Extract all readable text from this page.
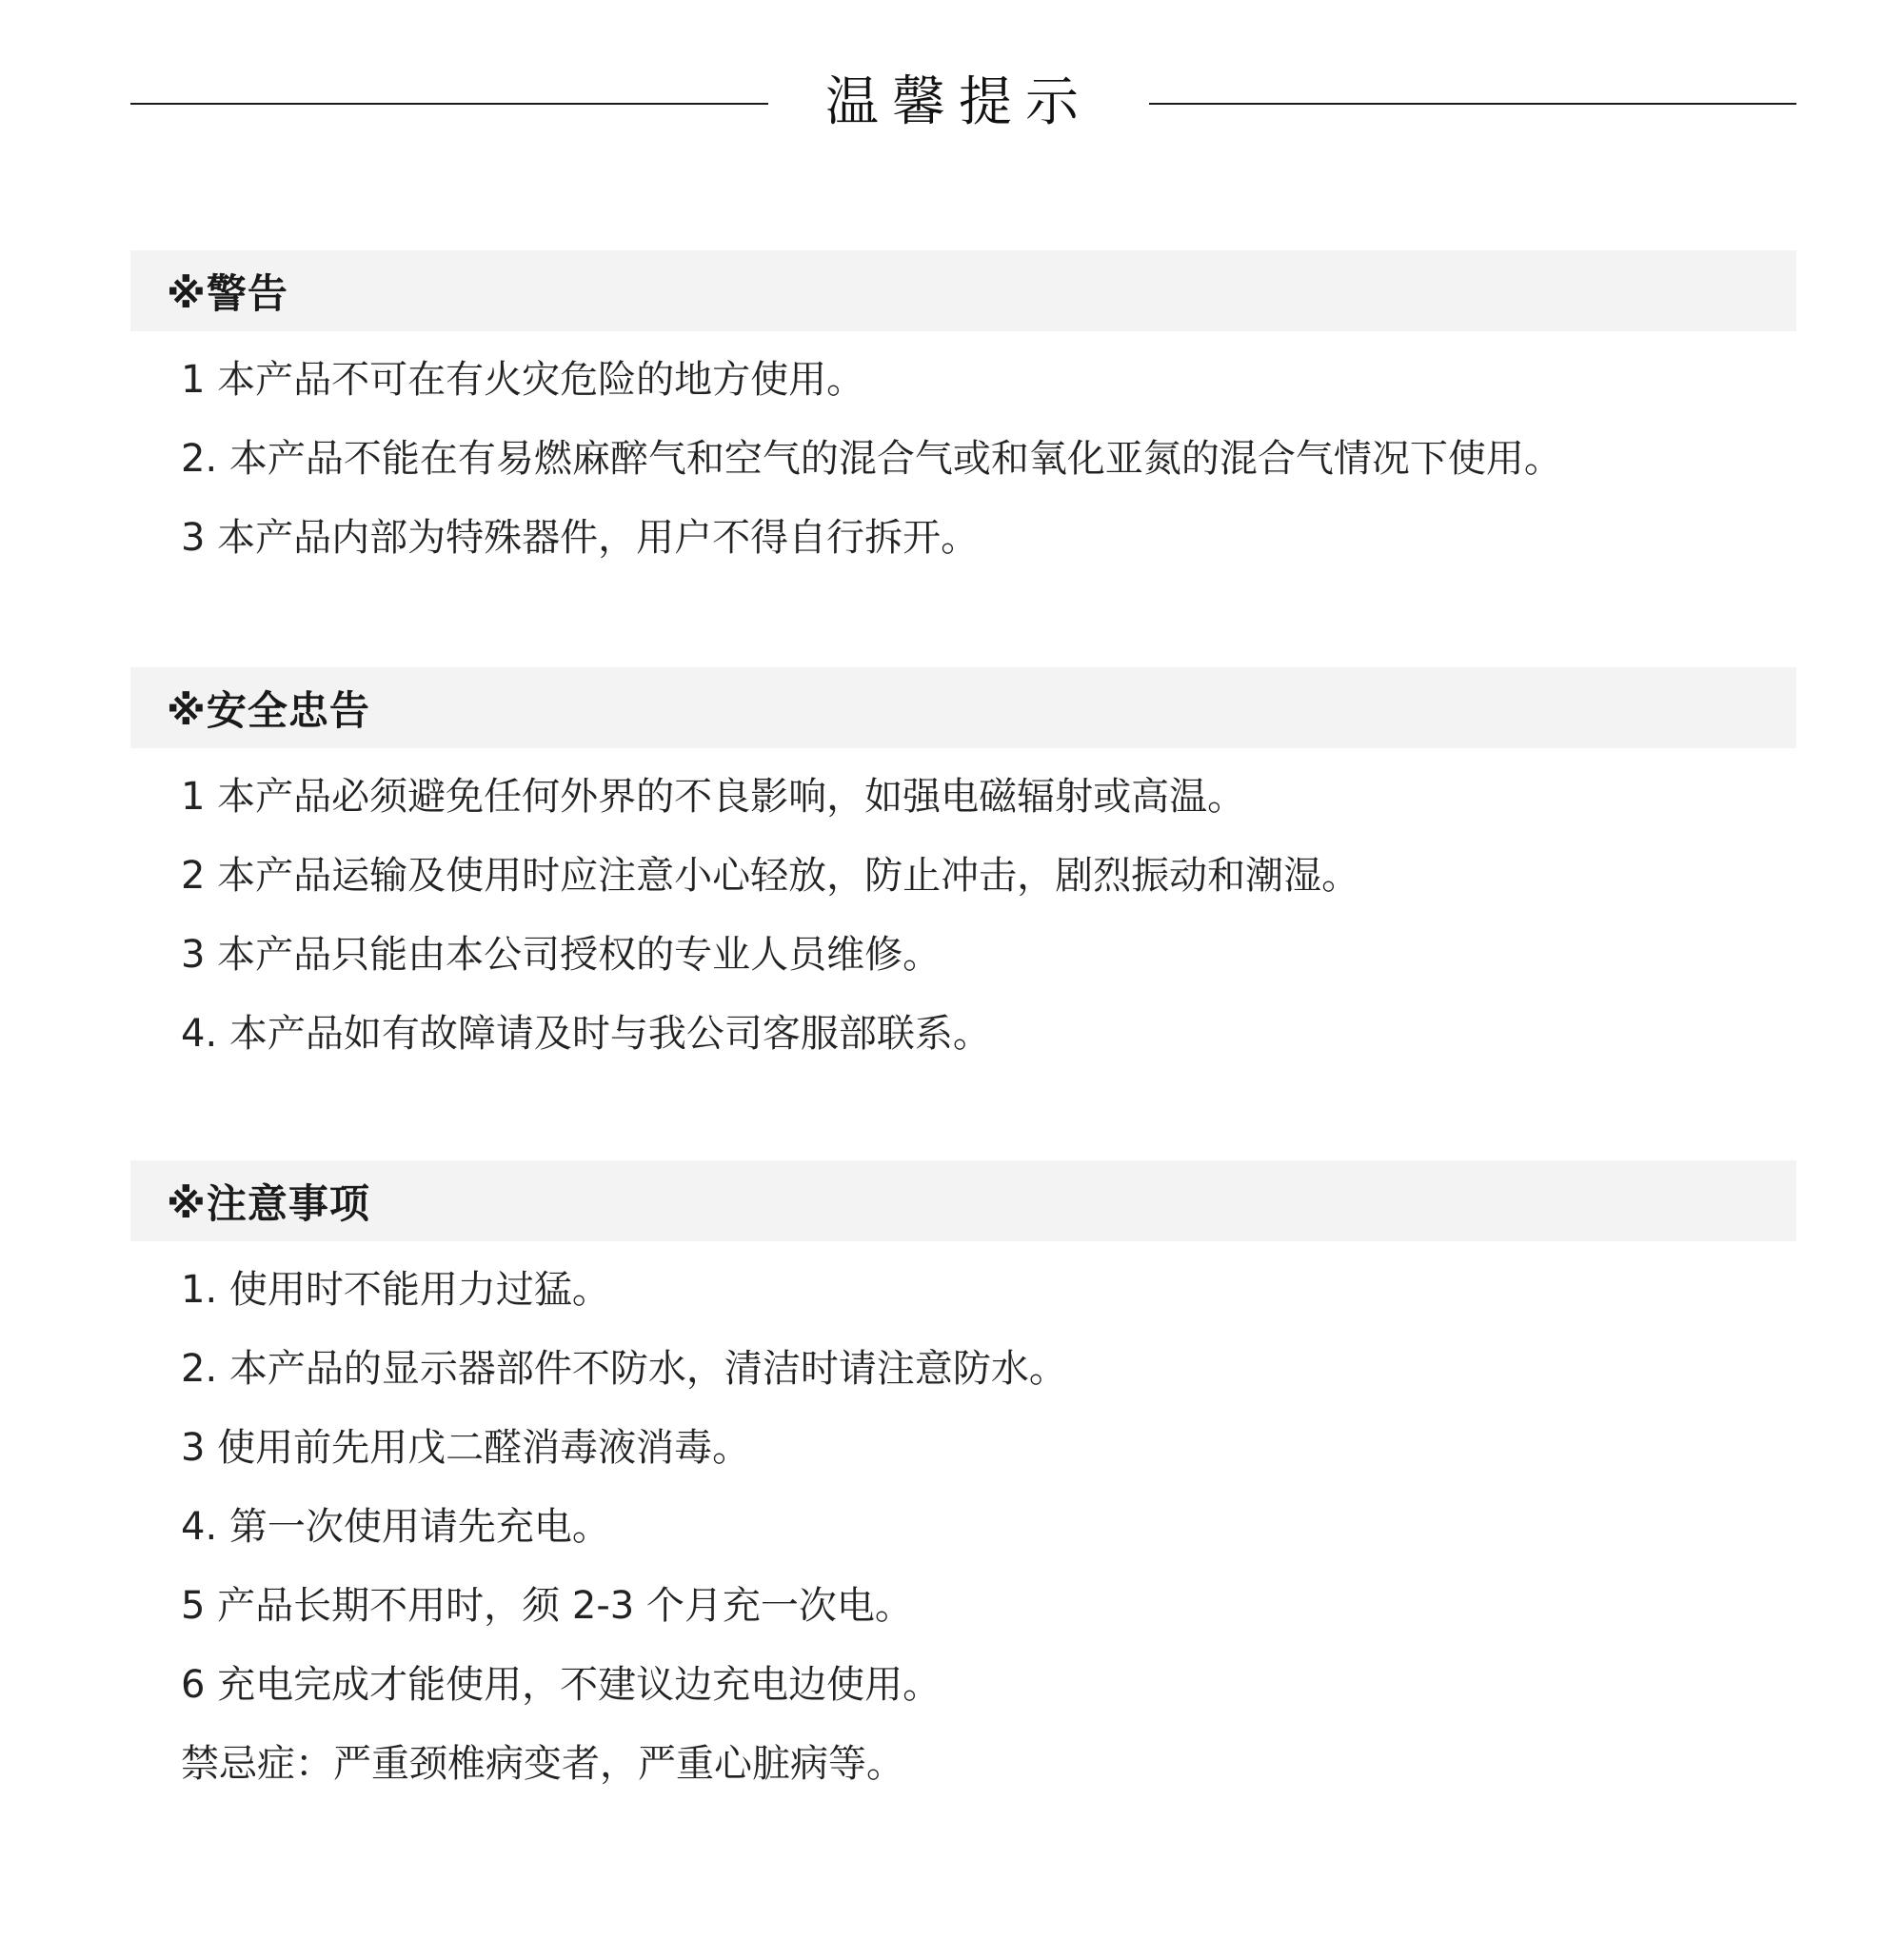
温馨提示
※警告
1 本产品不可在有火灾危险的地方使用。
2. 本产品不能在有易燃麻醉气和空气的混合气或和氧化亚氮的混合气情况下使用。
3 本产品内部为特殊器件，用户不得自行拆开。
※安全忠告
1 本产品必须避免任何外界的不良影响，如强电磁辐射或高温。
2 本产品运输及使用时应注意小心轻放，防止冲击，剧烈振动和潮湿。
3 本产品只能由本公司授权的专业人员维修。
4. 本产品如有故障请及时与我公司客服部联系。
※注意事项
1. 使用时不能用力过猛。
2. 本产品的显示器部件不防水，清洁时请注意防水。
3 使用前先用戊二醛消毒液消毒。
4. 第一次使用请先充电。
5 产品长期不用时，须 2-3 个月充一次电。
6 充电完成才能使用，不建议边充电边使用。
禁忌症：严重颈椎病变者，严重心脏病等。
